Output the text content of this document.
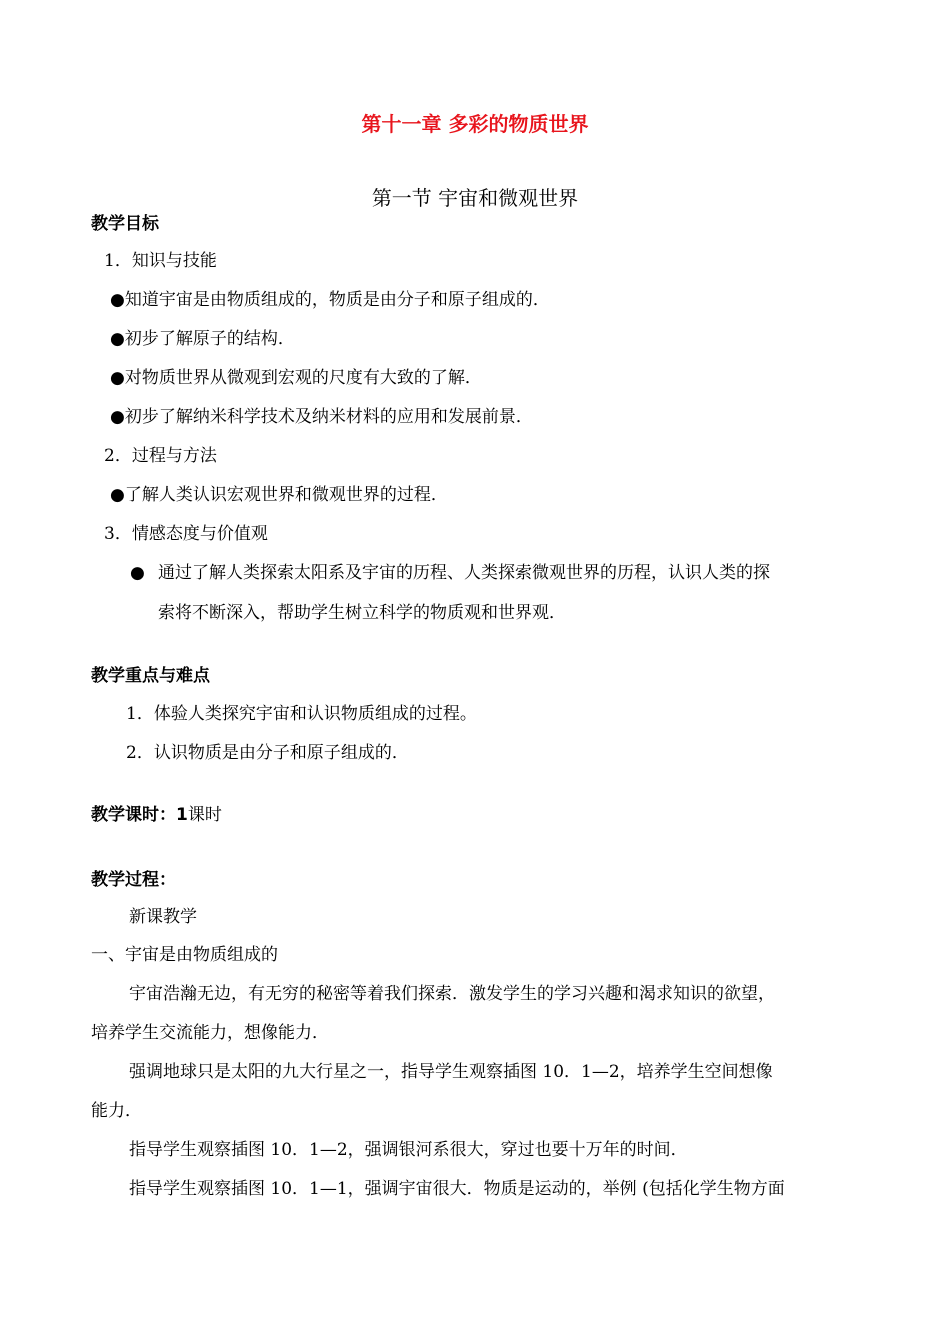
第十一章 多彩的物质世界
第一节 宇宙和微观世界
教学目标
1．知识与技能
●知道宇宙是由物质组成的，物质是由分子和原子组成的．
●初步了解原子的结构．
●对物质世界从微观到宏观的尺度有大致的了解．
●初步了解纳米科学技术及纳米材料的应用和发展前景．
2．过程与方法
●了解人类认识宏观世界和微观世界的过程．
3．情感态度与价值观
● 通过了解人类探索太阳系及宇宙的历程、人类探索微观世界的历程，认识人类的探
索将不断深入，帮助学生树立科学的物质观和世界观．
教学重点与难点
1．体验人类探究宇宙和认识物质组成的过程。
2．认识物质是由分子和原子组成的．
教学课时：1课时
教学过程：
新课教学
一、宇宙是由物质组成的
宇宙浩瀚无边，有无穷的秘密等着我们探索．激发学生的学习兴趣和渴求知识的欲望，
培养学生交流能力，想像能力．
强调地球只是太阳的九大行星之一，指导学生观察插图 10．1—2，培养学生空间想像
能力．
指导学生观察插图 10．1—2，强调银河系很大，穿过也要十万年的时间．
指导学生观察插图 10．1—1，强调宇宙很大．物质是运动的，举例 (包括化学生物方面
